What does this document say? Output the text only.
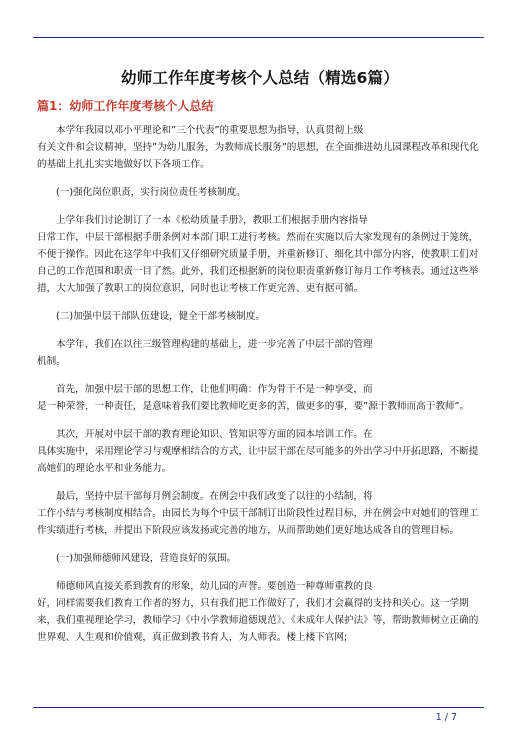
幼师工作年度考核个人总结（精选6篇）
篇1：幼师工作年度考核个人总结

本学年我园以邓小平理论和”三个代表”的重要思想为指导，认真贯彻上级
有关文件和会议精神，坚持”为幼儿服务，为教师成长服务”的思想，在全面推进幼儿园课程改革和现代化的基础上扎扎实实地做好以下各项工作。

(一)强化岗位职责，实行岗位责任考核制度。

上学年我们讨论制订了一本《松幼质量手册》，教职工们根据手册内容指导
日常工作，中层干部根据手册条例对本部门职工进行考核。然而在实施以后大家发现有的条例过于笼统，不便于操作。因此在这学年中我们又仔细研究质量手册，并重新修订、细化其中部分内容，使教职工们对自己的工作范围和职责一目了然。此外，我们还根据新的岗位职责重新修订每月工作考核表。通过这些举措，大大加强了教职工的岗位意识，同时也让考核工作更完善、更有据可循。

(二)加强中层干部队伍建设，健全干部考核制度。

本学年，我们在以往三级管理构建的基础上，进一步完善了中层干部的管理
机制。

首先，加强中层干部的思想工作，让他们明确：作为骨干不是一种享受，而
是一种荣誉，一种责任，是意味着我们要比教师吃更多的苦，做更多的事，要”源于教师而高于教师”。

其次，开展对中层干部的教育理论知识、管知识等方面的园本培训工作。在
具体实施中，采用理论学习与观摩相结合的方式，让中层干部在尽可能多的外出学习中开拓思路，不断提高她们的理论水平和业务能力。

最后，坚持中层干部每月例会制度。在例会中我们改变了以往的小结制，将
工作小结与考核制度相结合。由园长为每个中层干部制订出阶段性过程目标，并在例会中对她们的管理工作实绩进行考核，并提出下阶段应该发扬或完善的地方，从而帮助她们更好地达成各自的管理目标。

(一)加强师德师风建设，营造良好的氛围。

师德师风直接关系到教育的形象，幼儿园的声誉。要创造一种尊师重教的良
好，同样需要我们教育工作者的努力，只有我们把工作做好了，我们才会赢得的支持和关心。这一学期来，我们重视理论学习，教师学习《中小学教师道德规范》、《未成年人保护法》等，帮助教师树立正确的世界观、人生观和价值观，真正做到教书育人，为人师表。楼上楼下官网;

1 / 7
